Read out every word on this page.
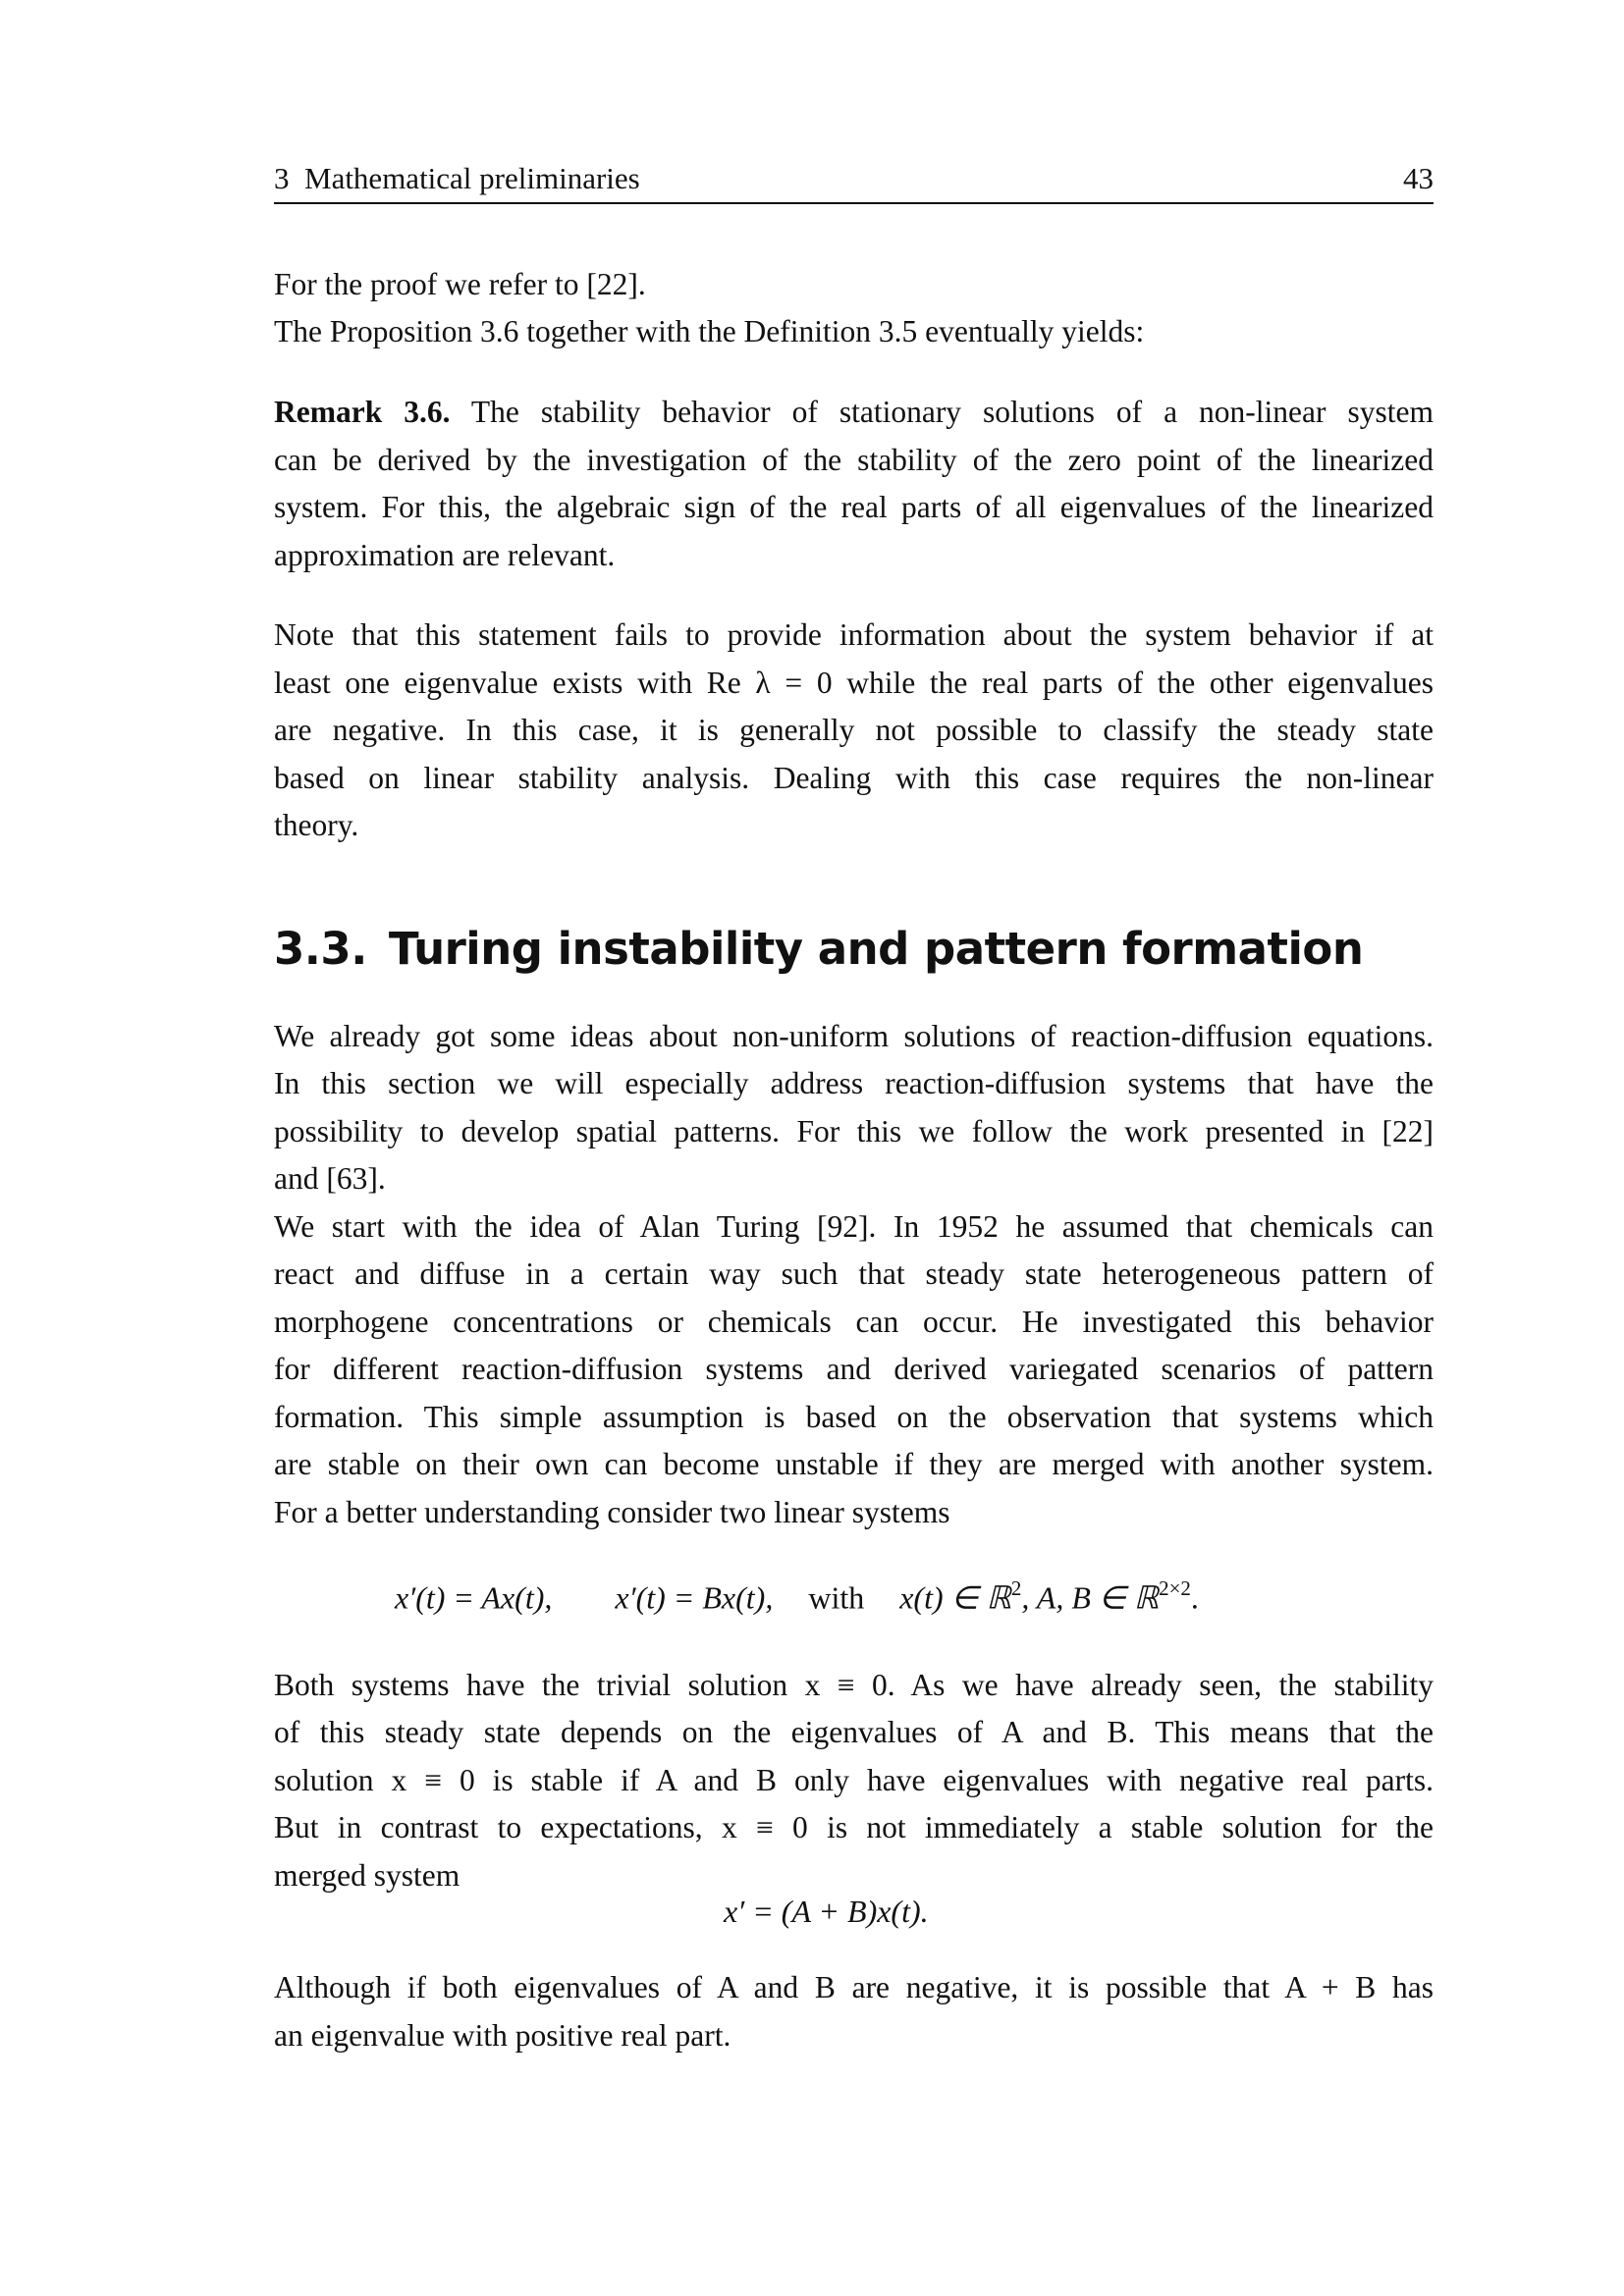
3  Mathematical preliminaries	43
For the proof we refer to [22].
The Proposition 3.6 together with the Definition 3.5 eventually yields:
Remark 3.6. The stability behavior of stationary solutions of a non-linear system
can be derived by the investigation of the stability of the zero point of the linearized
system. For this, the algebraic sign of the real parts of all eigenvalues of the linearized
approximation are relevant.
Note that this statement fails to provide information about the system behavior if at
least one eigenvalue exists with Re λ = 0 while the real parts of the other eigenvalues
are negative. In this case, it is generally not possible to classify the steady state
based on linear stability analysis. Dealing with this case requires the non-linear
theory.
3.3. Turing instability and pattern formation
We already got some ideas about non-uniform solutions of reaction-diffusion equations.
In this section we will especially address reaction-diffusion systems that have the
possibility to develop spatial patterns. For this we follow the work presented in [22]
and [63].
We start with the idea of Alan Turing [92]. In 1952 he assumed that chemicals can
react and diffuse in a certain way such that steady state heterogeneous pattern of
morphogene concentrations or chemicals can occur. He investigated this behavior
for different reaction-diffusion systems and derived variegated scenarios of pattern
formation. This simple assumption is based on the observation that systems which
are stable on their own can become unstable if they are merged with another system.
For a better understanding consider two linear systems
x′(t) = Ax(t), x′(t) = Bx(t), with x(t) ∈ ℝ$^2$, A, B ∈ ℝ$^{2\times 2}$.
Both systems have the trivial solution x ≡ 0. As we have already seen, the stability
of this steady state depends on the eigenvalues of A and B. This means that the
solution x ≡ 0 is stable if A and B only have eigenvalues with negative real parts.
But in contrast to expectations, x ≡ 0 is not immediately a stable solution for the
merged system
x′ = (A + B)x(t).
Although if both eigenvalues of A and B are negative, it is possible that A + B has
an eigenvalue with positive real part.
